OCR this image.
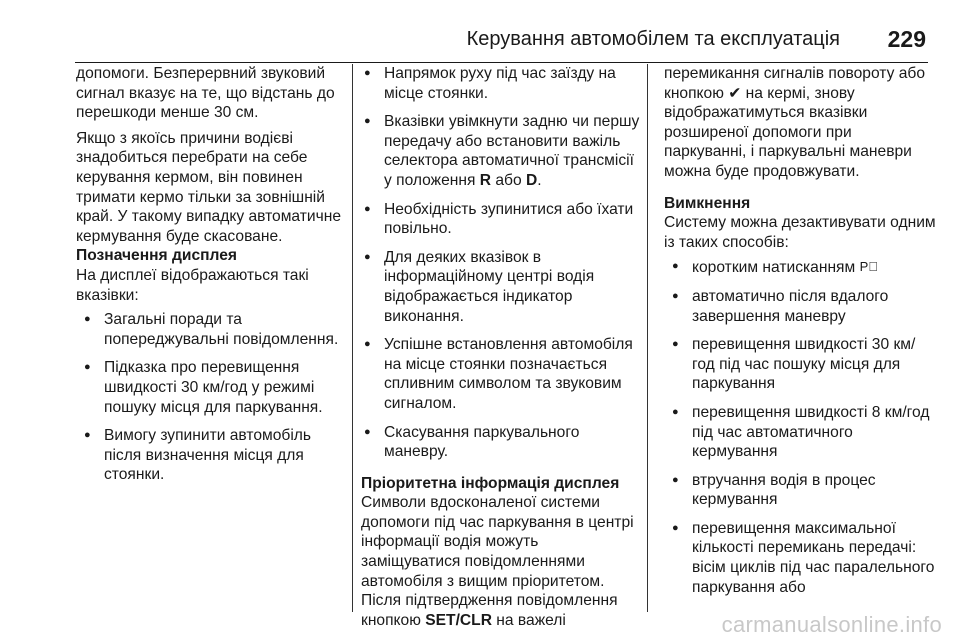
Керування автомобілем та експлуатація 229

допомоги. Безперервний звуковий сигнал вказує на те, що відстань до перешкоди менше 30 см.

Якщо з якоїсь причини водієві знадобиться перебрати на себе керування кермом, він повинен тримати кермо тільки за зовнішній край. У такому випадку автоматичне кермування буде скасоване.

Позначення дисплея

На дисплеї відображаються такі вказівки:

● Загальні поради та попереджувальні повідомлення.
● Підказка про перевищення швидкості 30 км/год у режимі пошуку місця для паркування.
● Вимогу зупинити автомобіль після визначення місця для стоянки.
● Напрямок руху під час заїзду на місце стоянки.
● Вказівки увімкнути задню чи першу передачу або встановити важіль селектора автоматичної трансмісії у положення R або D.
● Необхідність зупинитися або їхати повільно.
● Для деяких вказівок в інформаційному центрі водія відображається індикатор виконання.
● Успішне встановлення автомобіля на місце стоянки позначається спливним символом та звуковим сигналом.
● Скасування паркувального маневру.

Пріоритетна інформація дисплея

Символи вдосконаленої системи допомоги під час паркування в центрі інформації водія можуть заміщуватися повідомленнями автомобіля з вищим пріоритетом. Після підтвердження повідомлення кнопкою SET/CLR на важелі

перемикання сигналів повороту або кнопкою ✔ на кермі, знову відображатимуться вказівки розширеної допомоги при паркуванні, і паркувальні маневри можна буде продовжувати.

Вимкнення

Систему можна дезактивувати одним із таких способів:

● коротким натисканням P⃞
● автоматично після вдалого завершення маневру
● перевищення швидкості 30 км/год під час пошуку місця для паркування
● перевищення швидкості 8 км/год під час автоматичного кермування
● втручання водія в процес кермування
● перевищення максимальної кількості перемикань передачі: вісім циклів під час паралельного паркування або
carmanualsonline.info
